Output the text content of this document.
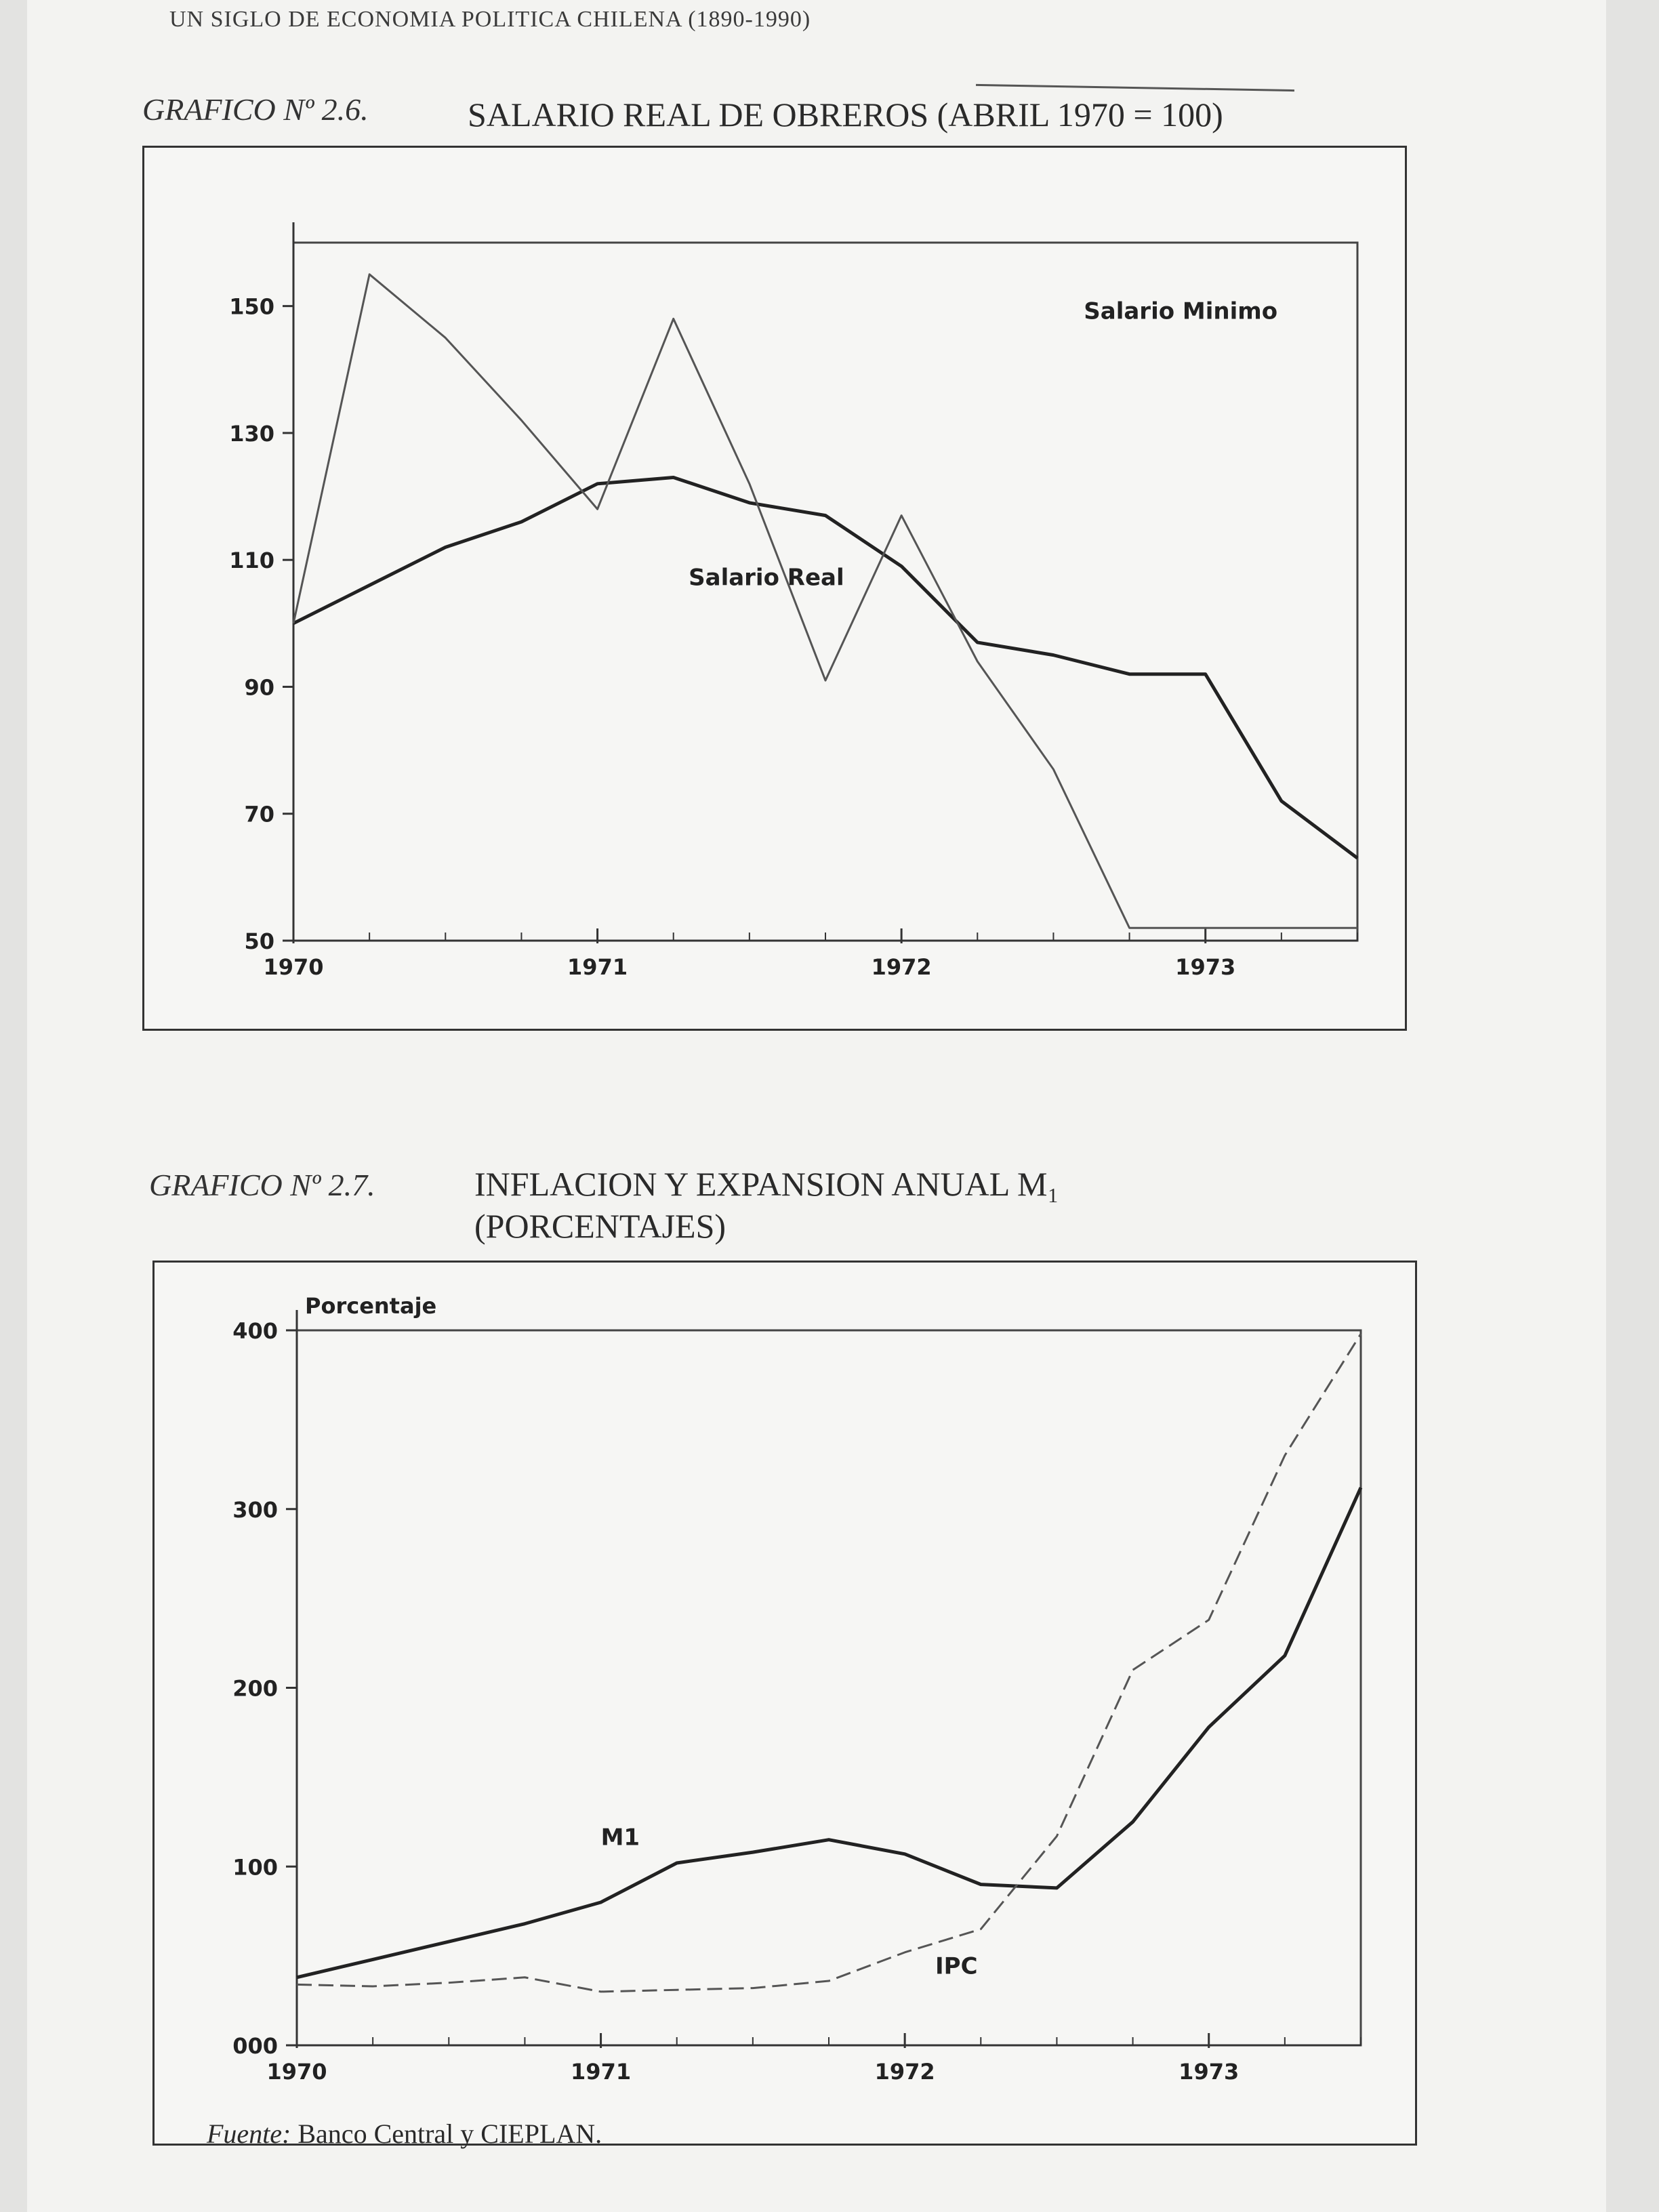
UN SIGLO DE ECONOMIA POLITICA CHILENA (1890-1990)
GRAFICO Nº 2.6.	SALARIO REAL DE OBREROS (ABRIL 1970 = 100)
50
70
90
110
130
150
1970	1971	1972	1973
Salario Minimo
Salario Real
GRAFICO Nº 2.7.	INFLACION Y EXPANSION ANUAL M₁
(PORCENTAJES)
000
100
200
300
400
1970	1971	1972	1973
M1
IPC
Porcentaje
Fuente: Banco Central y CIEPLAN.
